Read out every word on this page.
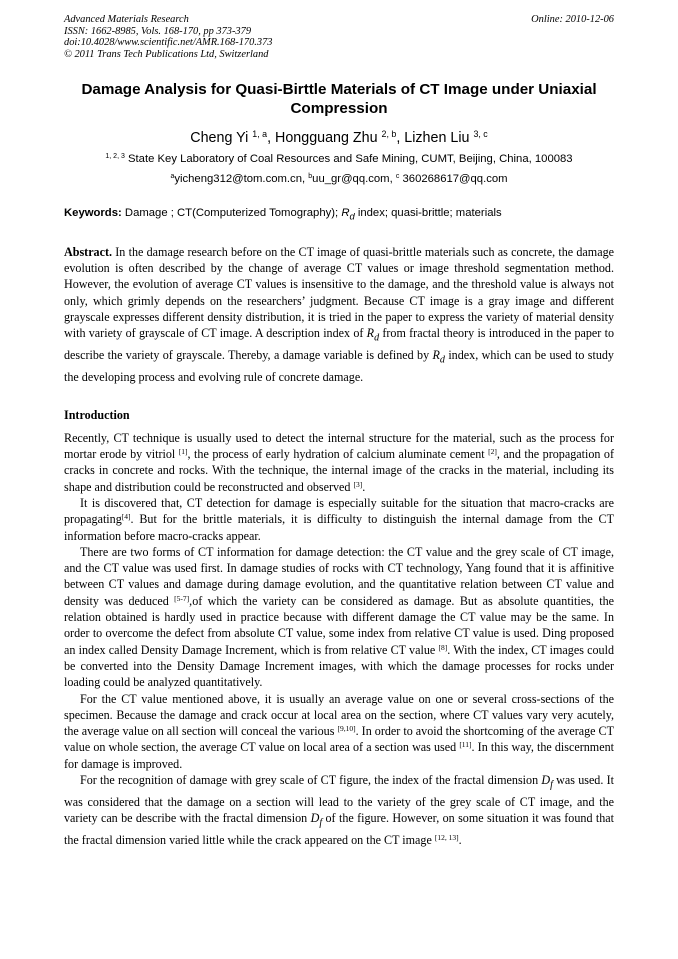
Advanced Materials Research
ISSN: 1662-8985, Vols. 168-170, pp 373-379
doi:10.4028/www.scientific.net/AMR.168-170.373
© 2011 Trans Tech Publications Ltd, Switzerland
Online: 2010-12-06
Damage Analysis for Quasi-Birttle Materials of CT Image under Uniaxial
Compression
Cheng Yi $^{1, a}$, Hongguang Zhu $^{2, b}$, Lizhen Liu $^{3, c}$
$^{1, 2, 3}$ State Key Laboratory of Coal Resources and Safe Mining, CUMT, Beijing, China, 100083
$^a$yicheng312@tom.com.cn, $^b$uu_gr@qq.com, $^c$ 360268617@qq.com
Keywords: Damage ; CT(Computerized Tomography); $R_d$ index; quasi-brittle; materials
Abstract. In the damage research before on the CT image of quasi-brittle materials such as concrete, the damage evolution is often described by the change of average CT values or image threshold segmentation method. However, the evolution of average CT values is insensitive to the damage, and the threshold value is always not only, which grimly depends on the researchers’ judgment. Because CT image is a gray image and different grayscale expresses different density distribution, it is tried in the paper to express the variety of material density with variety of grayscale of CT image. A description index of $R_d$ from fractal theory is introduced in the paper to describe the variety of grayscale. Thereby, a damage variable is defined by $R_d$ index, which can be used to study the developing process and evolving rule of concrete damage.
Introduction

Recently, CT technique is usually used to detect the internal structure for the material, such as the process for mortar erode by vitriol [1], the process of early hydration of calcium aluminate cement [2], and the propagation of cracks in concrete and rocks. With the technique, the internal image of the cracks in the material, including its shape and distribution could be reconstructed and observed [3].

It is discovered that, CT detection for damage is especially suitable for the situation that macro-cracks are propagating[4]. But for the brittle materials, it is difficulty to distinguish the internal damage from the CT information before macro-cracks appear.

There are two forms of CT information for damage detection: the CT value and the grey scale of CT image, and the CT value was used first. In damage studies of rocks with CT technology, Yang found that it is affinitive between CT values and damage during damage evolution, and the quantitative relation between CT value and density was deduced [5-7],of which the variety can be considered as damage. But as absolute quantities, the relation obtained is hardly used in practice because with different damage the CT value may be the same. In order to overcome the defect from absolute CT value, some index from relative CT value is used. Ding proposed an index called Density Damage Increment, which is from relative CT value [8]. With the index, CT images could be converted into the Density Damage Increment images, with which the damage processes for rocks under loading could be analyzed quantitatively.

For the CT value mentioned above, it is usually an average value on one or several cross-sections of the specimen. Because the damage and crack occur at local area on the section, where CT values vary very acutely, the average value on all section will conceal the various [9,10]. In order to avoid the shortcoming of the average CT value on whole section, the average CT value on local area of a section was used [11]. In this way, the discernment for damage is improved.

For the recognition of damage with grey scale of CT figure, the index of the fractal dimension $D_f$ was used. It was considered that the damage on a section will lead to the variety of the grey scale of CT image, and the variety can be describe with the fractal dimension $D_f$ of the figure. However, on some situation it was found that the fractal dimension varied little while the crack appeared on the CT image [12, 13].
